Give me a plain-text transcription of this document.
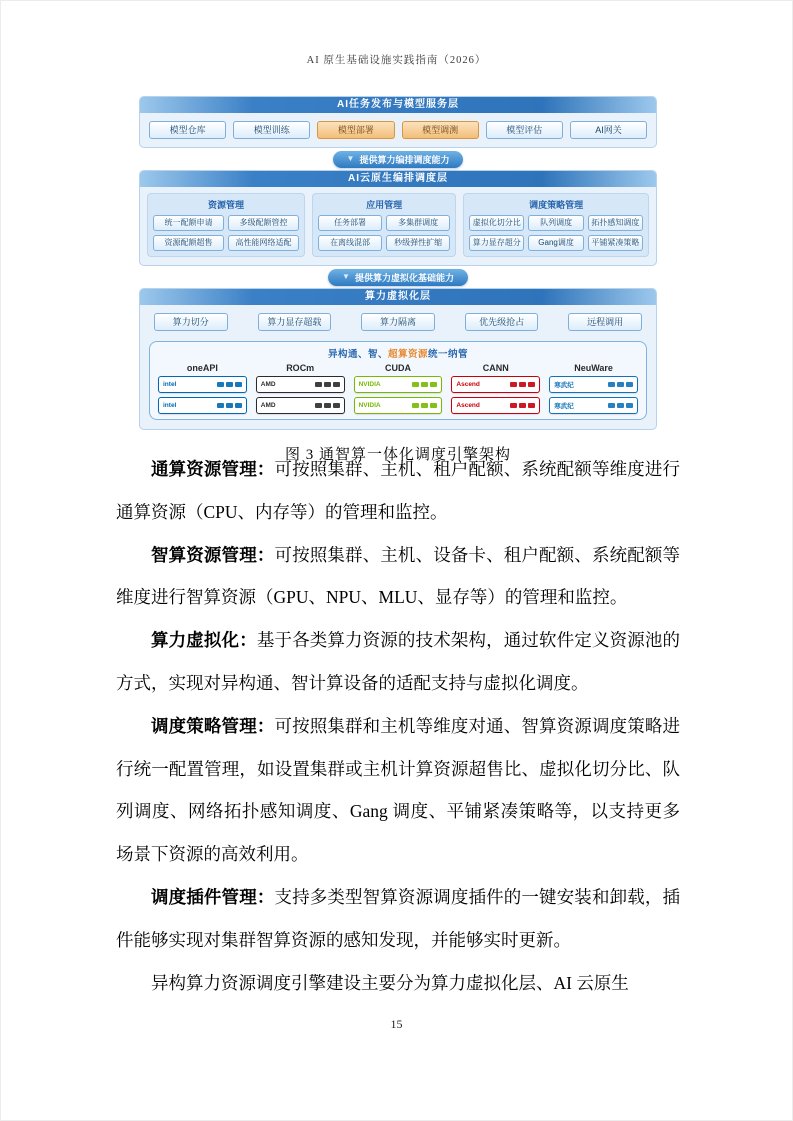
AI 原生基础设施实践指南（2026）
AI任务发布与模型服务层
模型仓库	模型训练	模型部署	模型调测	模型评估	AI网关
▼ 提供算力编排调度能力
AI云原生编排调度层
资源管理
统一配额申请	多级配额管控
资源配额超售	高性能网络适配
应用管理
任务部署	多集群调度
在离线混部	秒级弹性扩缩
调度策略管理
虚拟化切分比	队列调度	拓扑感知调度
算力显存超分	Gang调度	平铺紧凑策略
▼ 提供算力虚拟化基础能力
算力虚拟化层
算力切分	算力显存超载	算力隔离	优先级抢占	远程调用
异构通、智、超算资源统一纳管
oneAPI
intel
intel
ROCm
AMD
AMD
CUDA
NVIDIA
NVIDIA
CANN
Ascend
Ascend
NeuWare
寒武纪
寒武纪
图 3 通智算一体化调度引擎架构

通算资源管理：可按照集群、主机、租户配额、系统配额等维度进行通算资源（CPU、内存等）的管理和监控。

智算资源管理：可按照集群、主机、设备卡、租户配额、系统配额等维度进行智算资源（GPU、NPU、MLU、显存等）的管理和监控。

算力虚拟化：基于各类算力资源的技术架构，通过软件定义资源池的方式，实现对异构通、智计算设备的适配支持与虚拟化调度。

调度策略管理：可按照集群和主机等维度对通、智算资源调度策略进行统一配置管理，如设置集群或主机计算资源超售比、虚拟化切分比、队列调度、网络拓扑感知调度、Gang 调度、平铺紧凑策略等，以支持更多场景下资源的高效利用。

调度插件管理：支持多类型智算资源调度插件的一键安装和卸载，插件能够实现对集群智算资源的感知发现，并能够实时更新。

异构算力资源调度引擎建设主要分为算力虚拟化层、AI 云原生

15
